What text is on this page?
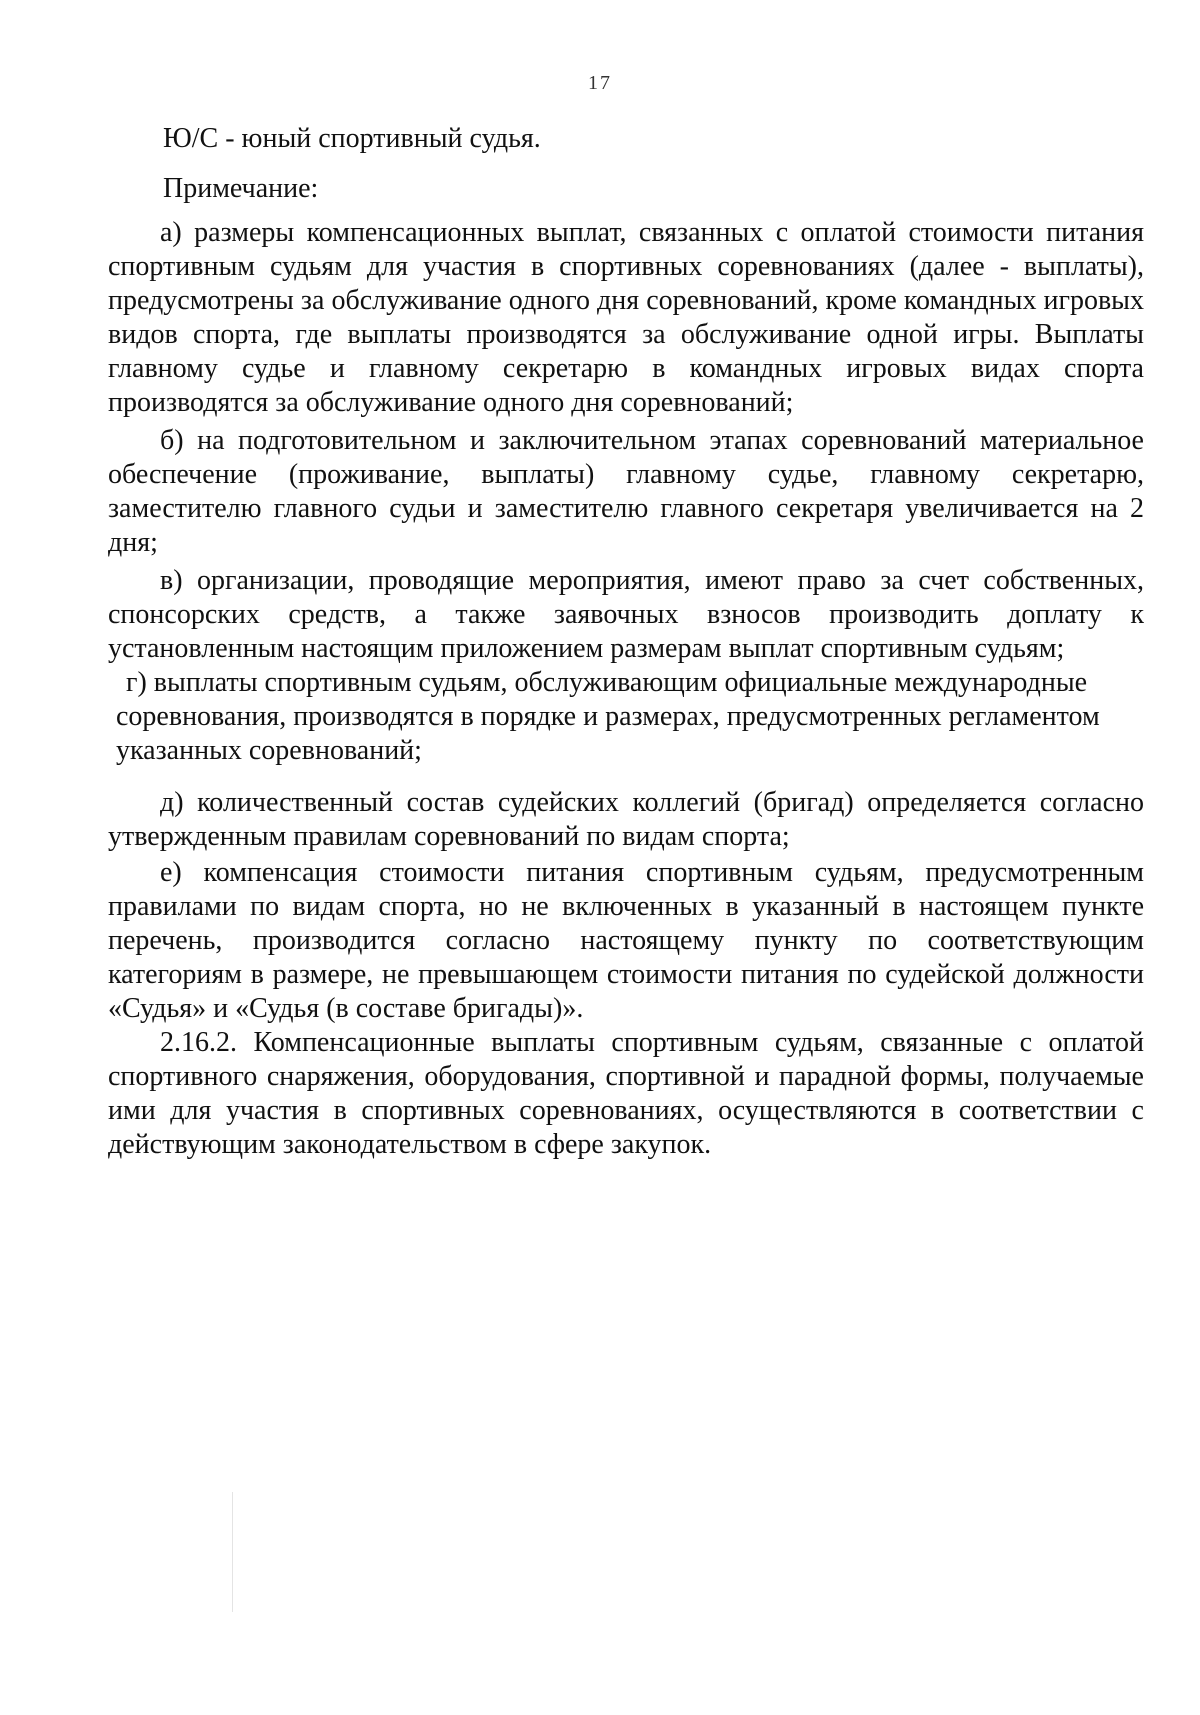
17

Ю/С - юный спортивный судья.

Примечание:

а) размеры компенсационных выплат, связанных с оплатой стоимости питания спортивным судьям для участия в спортивных соревнованиях (далее - выплаты), предусмотрены за обслуживание одного дня соревнований, кроме командных игровых видов спорта, где выплаты производятся за обслуживание одной игры. Выплаты главному судье и главному секретарю в командных игровых видах спорта производятся за обслуживание одного дня соревнований;

б) на подготовительном и заключительном этапах соревнований материальное обеспечение (проживание, выплаты) главному судье, главному секретарю, заместителю главного судьи и заместителю главного секретаря увеличивается на 2 дня;

в) организации, проводящие мероприятия, имеют право за счет собственных, спонсорских средств, а также заявочных взносов производить доплату к установленным настоящим приложением размерам выплат спортивным судьям;

г) выплаты спортивным судьям, обслуживающим официальные международные соревнования, производятся в порядке и размерах, предусмотренных регламентом указанных соревнований;

д) количественный состав судейских коллегий (бригад) определяется согласно утвержденным правилам соревнований по видам спорта;

е) компенсация стоимости питания спортивным судьям, предусмотренным правилами по видам спорта, но не включенных в указанный в настоящем пункте перечень, производится согласно настоящему пункту по соответствующим категориям в размере, не превышающем стоимости питания по судейской должности «Судья» и «Судья (в составе бригады)».

2.16.2. Компенсационные выплаты спортивным судьям, связанные с оплатой спортивного снаряжения, оборудования, спортивной и парадной формы, получаемые ими для участия в спортивных соревнованиях, осуществляются в соответствии с действующим законодательством в сфере закупок.
